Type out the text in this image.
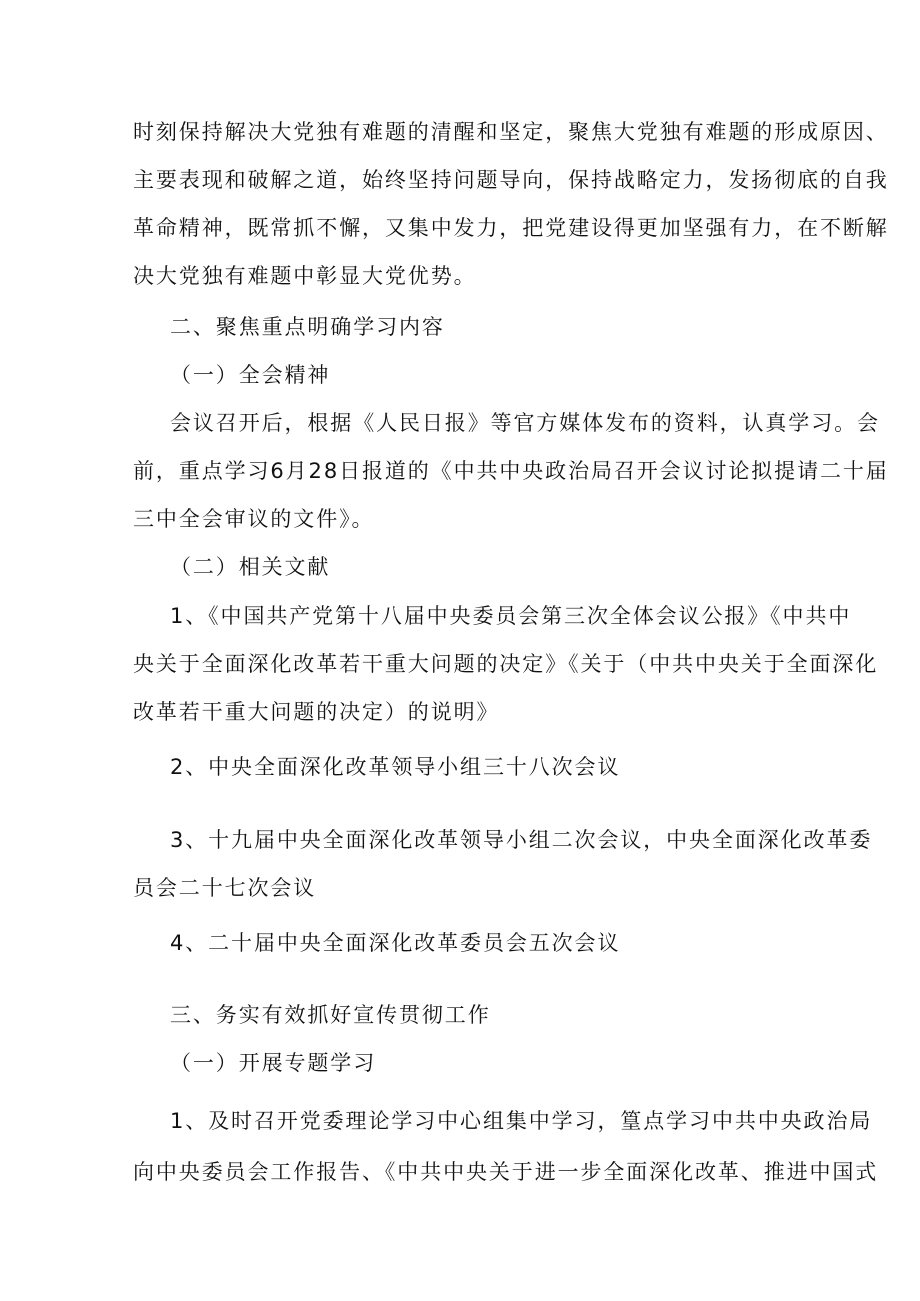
时刻保持解决大党独有难题的清醒和坚定，聚焦大党独有难题的形成原因、
主要表现和破解之道，始终坚持问题导向，保持战略定力，发扬彻底的自我
革命精神，既常抓不懈，又集中发力，把党建设得更加坚强有力，在不断解
决大党独有难题中彰显大党优势。
二、聚焦重点明确学习内容
（一）全会精神
会议召开后，根据《人民日报》等官方媒体发布的资料，认真学习。会
前，重点学习6月28日报道的《中共中央政治局召开会议讨论拟提请二十届
三中全会审议的文件》。
（二）相关文献
1、《中国共产党第十八届中央委员会第三次全体会议公报》《中共中
央关于全面深化改革若干重大问题的决定》《关于（中共中央关于全面深化
改革若干重大问题的决定）的说明》
2、中央全面深化改革领导小组三十八次会议
3、十九届中央全面深化改革领导小组二次会议，中央全面深化改革委
员会二十七次会议
4、二十届中央全面深化改革委员会五次会议
三、务实有效抓好宣传贯彻工作
（一）开展专题学习
1、及时召开党委理论学习中心组集中学习，篁点学习中共中央政治局
向中央委员会工作报告、《中共中央关于进一步全面深化改革、推进中国式
